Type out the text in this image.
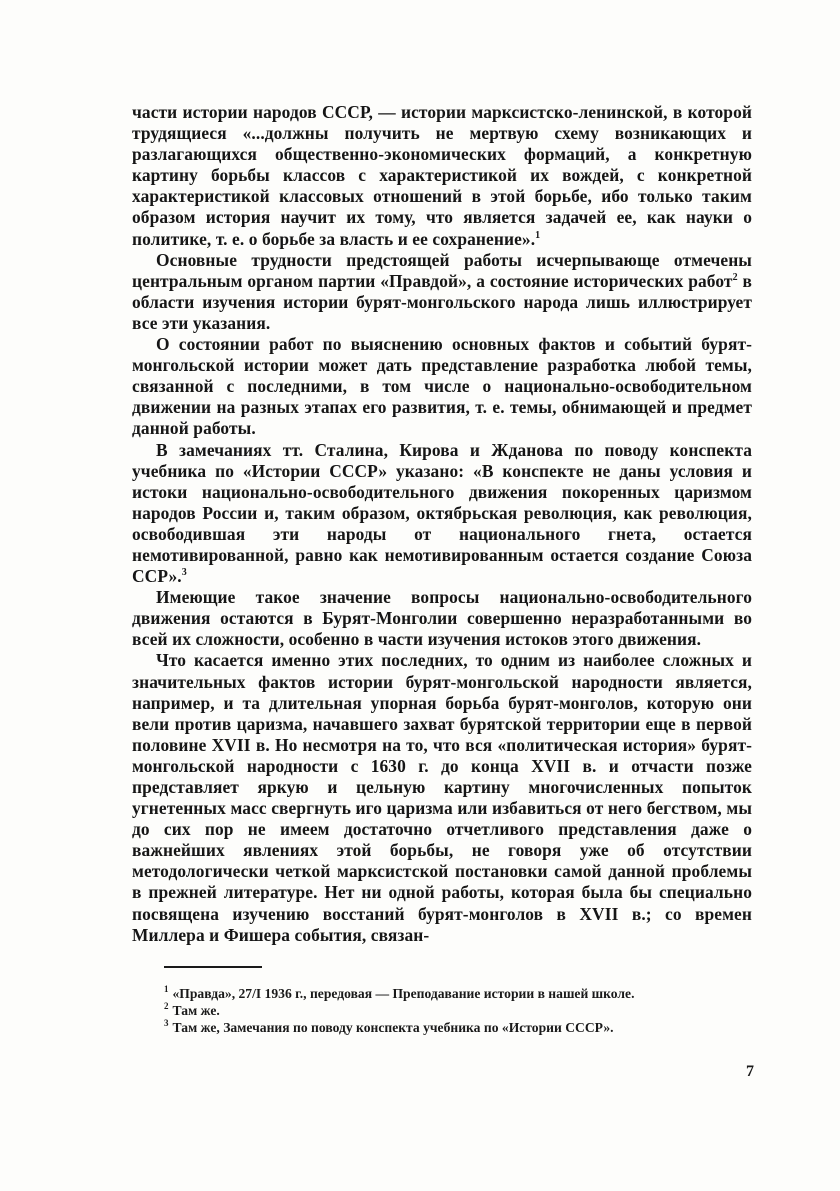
части истории народов СССР, — истории марксистско-ленинской, в которой трудящиеся «...должны получить не мертвую схему возникающих и разлагающихся общественно-экономических формаций, а конкретную картину борьбы классов с характеристикой их вождей, с конкретной характеристикой классовых отношений в этой борьбе, ибо только таким образом история научит их тому, что является задачей ее, как науки о политике, т. е. о борьбе за власть и ее сохранение».$^1$

Основные трудности предстоящей работы исчерпывающе отмечены центральным органом партии «Правдой», а состояние исторических работ$^2$ в области изучения истории бурят-монгольского народа лишь иллюстрирует все эти указания.

О состоянии работ по выяснению основных фактов и событий бурят-монгольской истории может дать представление разработка любой темы, связанной с последними, в том числе о национально-освободительном движении на разных этапах его развития, т. е. темы, обнимающей и предмет данной работы.

В замечаниях тт. Сталина, Кирова и Жданова по поводу конспекта учебника по «Истории СССР» указано: «В конспекте не даны условия и истоки национально-освободительного движения покоренных царизмом народов России и, таким образом, октябрьская революция, как революция, освободившая эти народы от национального гнета, остается немотивированной, равно как немотивированным остается создание Союза ССР».$^3$

Имеющие такое значение вопросы национально-освободительного движения остаются в Бурят-Монголии совершенно неразработанными во всей их сложности, особенно в части изучения истоков этого движения.

Что касается именно этих последних, то одним из наиболее сложных и значительных фактов истории бурят-монгольской народности является, например, и та длительная упорная борьба бурят-монголов, которую они вели против царизма, начавшего захват бурятской территории еще в первой половине XVII в. Но несмотря на то, что вся «политическая история» бурят-монгольской народности с 1630 г. до конца XVII в. и отчасти позже представляет яркую и цельную картину многочисленных попыток угнетенных масс свергнуть иго царизма или избавиться от него бегством, мы до сих пор не имеем достаточно отчетливого представления даже о важнейших явлениях этой борьбы, не говоря уже об отсутствии методологически четкой марксистской постановки самой данной проблемы в прежней литературе. Нет ни одной работы, которая была бы специально посвящена изучению восстаний бурят-монголов в XVII в.; со времен Миллера и Фишера события, связан-

$^1$ «Правда», 27/I 1936 г., передовая — Преподавание истории в нашей школе.

$^2$ Там же.

$^3$ Там же, Замечания по поводу конспекта учебника по «Истории СССР».

7
